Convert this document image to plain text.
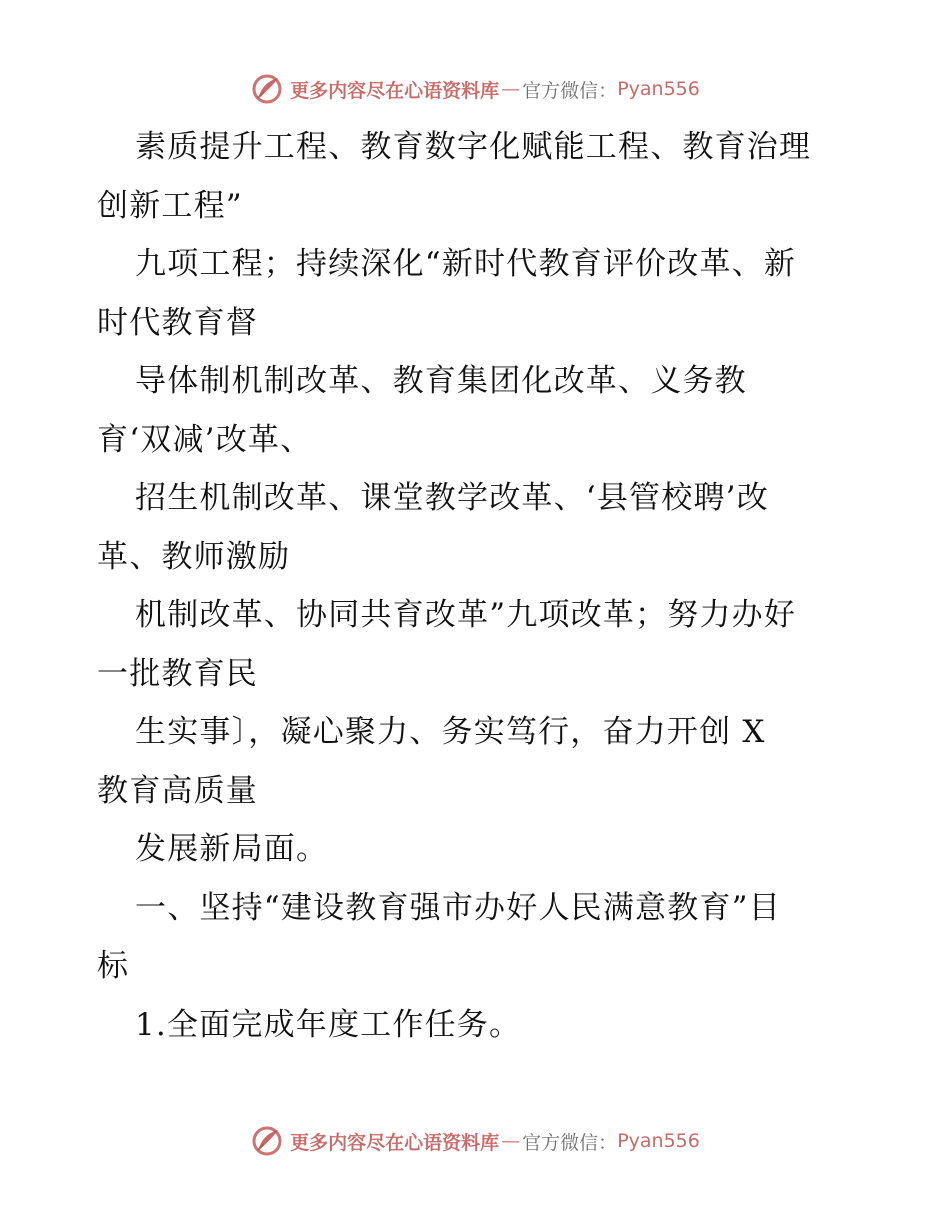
更多内容尽在心语资料库 — 官方微信： Pyan556
素质提升工程、教育数字化赋能工程、教育治理
创新工程”
九项工程；持续深化“新时代教育评价改革、新
时代教育督
导体制机制改革、教育集团化改革、义务教
育‘双减’改革、
招生机制改革、课堂教学改革、‘县管校聘’改
革、教师激励
机制改革、协同共育改革”九项改革；努力办好
一批教育民
生实事〕，凝心聚力、务实笃行，奋力开创 X
教育高质量
发展新局面。
一、坚持“建设教育强市办好人民满意教育”目
标
1.全面完成年度工作任务。
更多内容尽在心语资料库 — 官方微信： Pyan556
